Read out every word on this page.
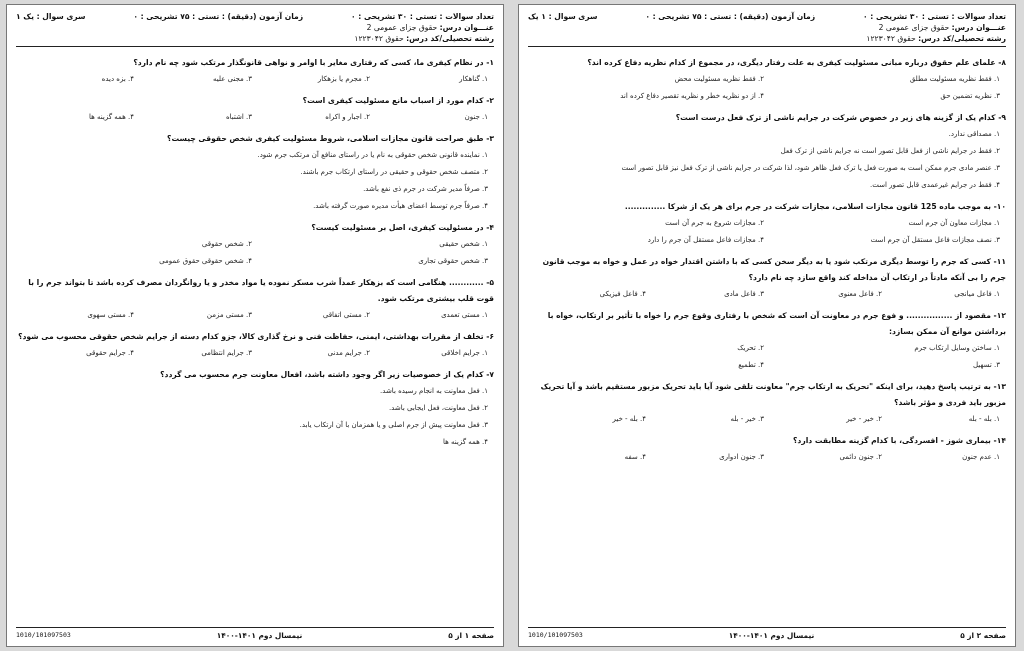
تعداد سوالات : تستی : ۳۰ تشریحی : ۰
زمان آزمون (دقیقه) : تستی : ۷۵ تشریحی : ۰
سری سوال : یک ۱
عنـــوان درس: حقوق جزای عمومی 2
رشته تحصیلی/کد درس: حقوق ۱۲۲۳۰۴۲
۱- در نظام کیفری ما، کسی که رفتاری مغایر با اوامر و نواهی قانونگذار مرتکب شود چه نام دارد؟
۱. گناهکار
۲. مجرم یا بزهکار
۳. مجنی علیه
۴. بزه دیده
۲- کدام مورد از اسباب مانع مسئولیت کیفری است؟
۱. جنون
۲. اجبار و اکراه
۳. اشتباه
۴. همه گزینه ها
۳- طبق صراحت قانون مجازات اسلامی، شروط مسئولیت کیفری شخص حقوقی چیست؟
۱. نماینده قانونی شخص حقوقی به نام یا در راستای منافع آن مرتکب جرم شود.
۲. متصف شخص حقوقی و حقیقی در راستای ارتکاب جرم باشند.
۳. صرفاً مدیر شرکت در جرم ذی نفع باشد.
۴. صرفاً جرم توسط اعضای هیأت مدیره صورت گرفته باشد.
۴- در مسئولیت کیفری، اصل بر مسئولیت کیست؟
۱. شخص حقیقی
۲. شخص حقوقی
۳. شخص حقوقی تجاری
۴. شخص حقوقی حقوق عمومی
۵- ............ هنگامی است که بزهکار عمداً شرب مسکر نموده یا مواد مخدر و یا روانگردان مصرف کرده باشد تا بتواند جرم را با قوت قلب بیشتری مرتکب شود.
۱. مستی تعمدی
۲. مستی اتفاقی
۳. مستی مزمن
۴. مستی سهوی
۶- تخلف از مقررات بهداشتی، ایمنی، حفاظت فنی و نرخ گذاری کالا، جزو کدام دسته از جرایم شخص حقوقی محسوب می شود؟
۱. جرایم اخلاقی
۲. جرایم مدنی
۳. جرایم انتظامی
۴. جرایم حقوقی
۷- کدام یک از خصوصیات زیر اگر وجود داشته باشد، افعال معاونت جرم محسوب می گردد؟
۱. فعل معاونت به انجام رسیده باشد.
۲. فعل معاونت، فعل ایجابی باشد.
۳. فعل معاونت پیش از جرم اصلی و یا همزمان با آن ارتکاب یابد.
۴. همه گزینه ها
صفحه ۱ از ۵
نیمسال دوم ۱۴۰۱-۱۴۰۰
1010/101097503
تعداد سوالات : تستی : ۳۰ تشریحی : ۰
زمان آزمون (دقیقه) : تستی : ۷۵ تشریحی : ۰
سری سوال : ۱ یک
عنـــوان درس: حقوق جزای عمومی 2
رشته تحصیلی/کد درس: حقوق ۱۲۲۳۰۴۲
۸- علمای علم حقوق درباره مبانی مسئولیت کیفری به علت رفتار دیگری، در مجموع از کدام نظریه دفاع کرده اند؟
۱. فقط نظریه مسئولیت مطلق
۲. فقط نظریه مسئولیت محض
۳. نظریه تضمین حق
۴. از دو نظریه خطر و نظریه تقصیر دفاع کرده اند
۹- کدام یک از گزینه های زیر در خصوص شرکت در جرایم ناشی از ترک فعل درست است؟
۱. مصداقی ندارد.
۲. فقط در جرایم ناشی از فعل قابل تصور است نه جرایم ناشی از ترک فعل
۳. عنصر مادی جرم ممکن است به صورت فعل یا ترک فعل ظاهر شود، لذا شرکت در جرایم ناشی از ترک فعل نیز قابل تصور است
۴. فقط در جرایم غیرعمدی قابل تصور است.
۱۰- به موجب ماده 125 قانون مجازات اسلامی، مجازات شرکت در جرم برای هر یک از شرکا ..............
۱. مجازات معاون آن جرم است
۲. مجازات شروع به جرم آن است
۳. نصف مجازات فاعل مستقل آن جرم است
۴. مجازات فاعل مستقل آن جرم را دارد
۱۱- کسی که جرم را توسط دیگری مرتکب شود یا به دیگر سخن کسی که با داشتن اقتدار خواه در عمل و خواه به موجب قانون جرم را بی آنکه مادتاً در ارتکاب آن مداخله کند واقع سازد چه نام دارد؟
۱. فاعل میانجی
۲. فاعل معنوی
۳. فاعل مادی
۴. فاعل فیزیکی
۱۲- مقصود از ................ و فوع جرم در معاونت آن است که شخص با رفتاری وقوع جرم را خواه با تأثیر بر ارتکاب، خواه با برداشتن موانع آن ممکن بسازد:
۱. ساختن وسایل ارتکاب جرم
۲. تحریک
۳. تسهیل
۴. تطمیع
۱۳- به ترتیب پاسخ دهید، برای اینکه "تحریک به ارتکاب جرم" معاونت تلقی شود آیا باید تحریک مزبور مستقیم باشد و آیا تحریک مزبور باید فردی و مؤثر باشد؟
۱. بله - بله
۲. خیر - خیر
۳. خیر - بله
۴. بله - خیر
۱۴- بیماری شوز - افسردگی، با کدام گزینه مطابقت دارد؟
۱. عدم جنون
۲. جنون دائمی
۳. جنون ادواری
۴. سفه
صفحه ۲ از ۵
نیمسال دوم ۱۴۰۱-۱۴۰۰
1010/101097503
